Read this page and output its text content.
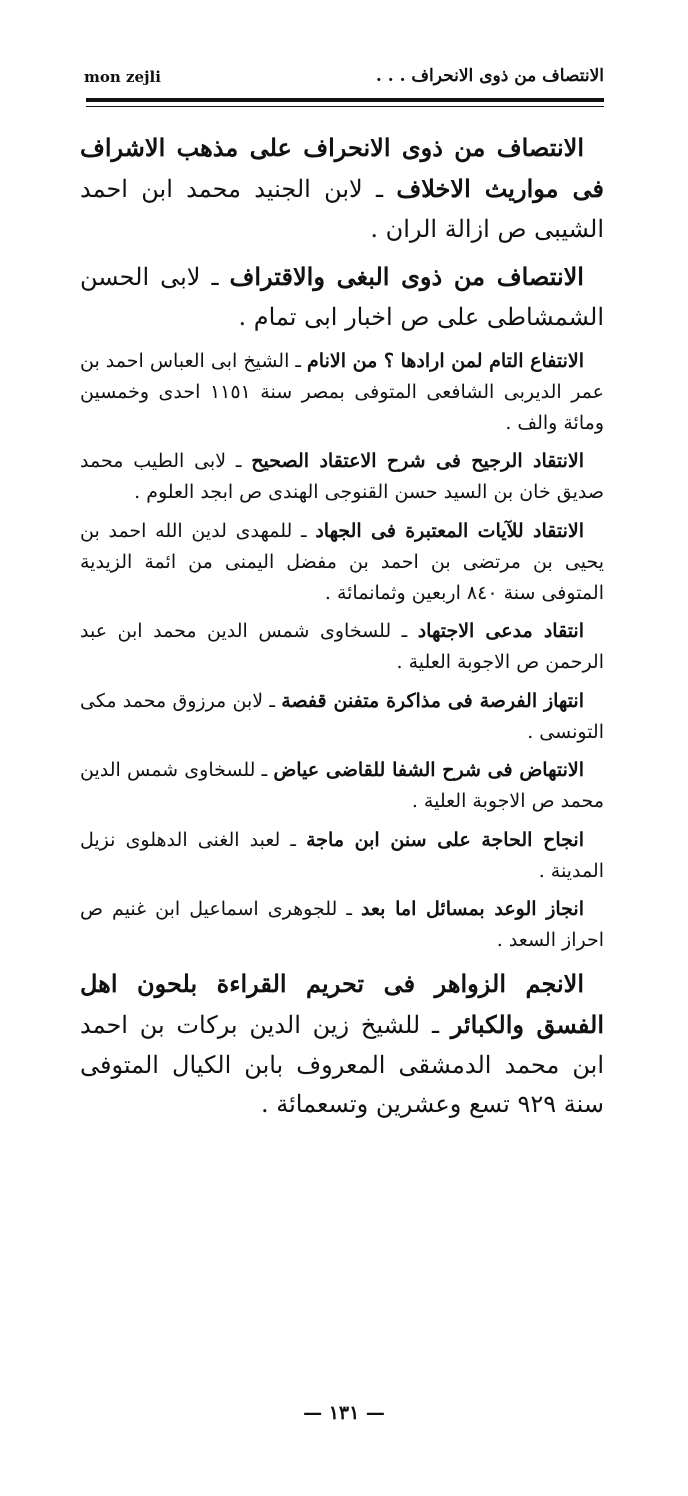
الانتصاف من ذوى الانحراف . . .
mon zejli

الانتصاف من ذوى الانحراف على مذهب الاشراف فى مواريث الاخلاف ـ لابن الجنيد محمد ابن احمد الشيبى ص ازالة الران .

الانتصاف من ذوى البغى والاقتراف ـ لابى الحسن الشمشاطى على ص اخبار ابى تمام .

الانتفاع التام لمن ارادها ؟ من الانام ـ الشيخ ابى العباس احمد بن عمر الديربى الشافعى المتوفى بمصر سنة ١١٥١ احدى وخمسين ومائة والف .

الانتقاد الرجيح فى شرح الاعتقاد الصحيح ـ لابى الطيب محمد صديق خان بن السيد حسن القنوجى الهندى ص ابجد العلوم .

الانتقاد للآيات المعتبرة فى الجهاد ـ للمهدى لدين الله احمد بن يحيى بن مرتضى بن احمد بن مفضل اليمنى من ائمة الزيدية المتوفى سنة ٨٤٠ اربعين وثمانمائة .

انتقاد مدعى الاجتهاد ـ للسخاوى شمس الدين محمد ابن عبد الرحمن ص الاجوبة العلية .

انتهاز الفرصة فى مذاكرة متفنن قفصة ـ لابن مرزوق محمد مكى التونسى .

الانتهاض فى شرح الشفا للقاضى عياض ـ للسخاوى شمس الدين محمد ص الاجوبة العلية .

انجاح الحاجة على سنن ابن ماجة ـ لعبد الغنى الدهلوى نزيل المدينة .

انجاز الوعد بمسائل اما بعد ـ للجوهرى اسماعيل ابن غنيم ص احراز السعد .

الانجم الزواهر فى تحريم القراءة بلحون اهل الفسق والكبائر ـ للشيخ زين الدين بركات بن احمد ابن محمد الدمشقى المعروف بابن الكيال المتوفى سنة ٩٢٩ تسع وعشرين وتسعمائة .

— ١٣١ —
